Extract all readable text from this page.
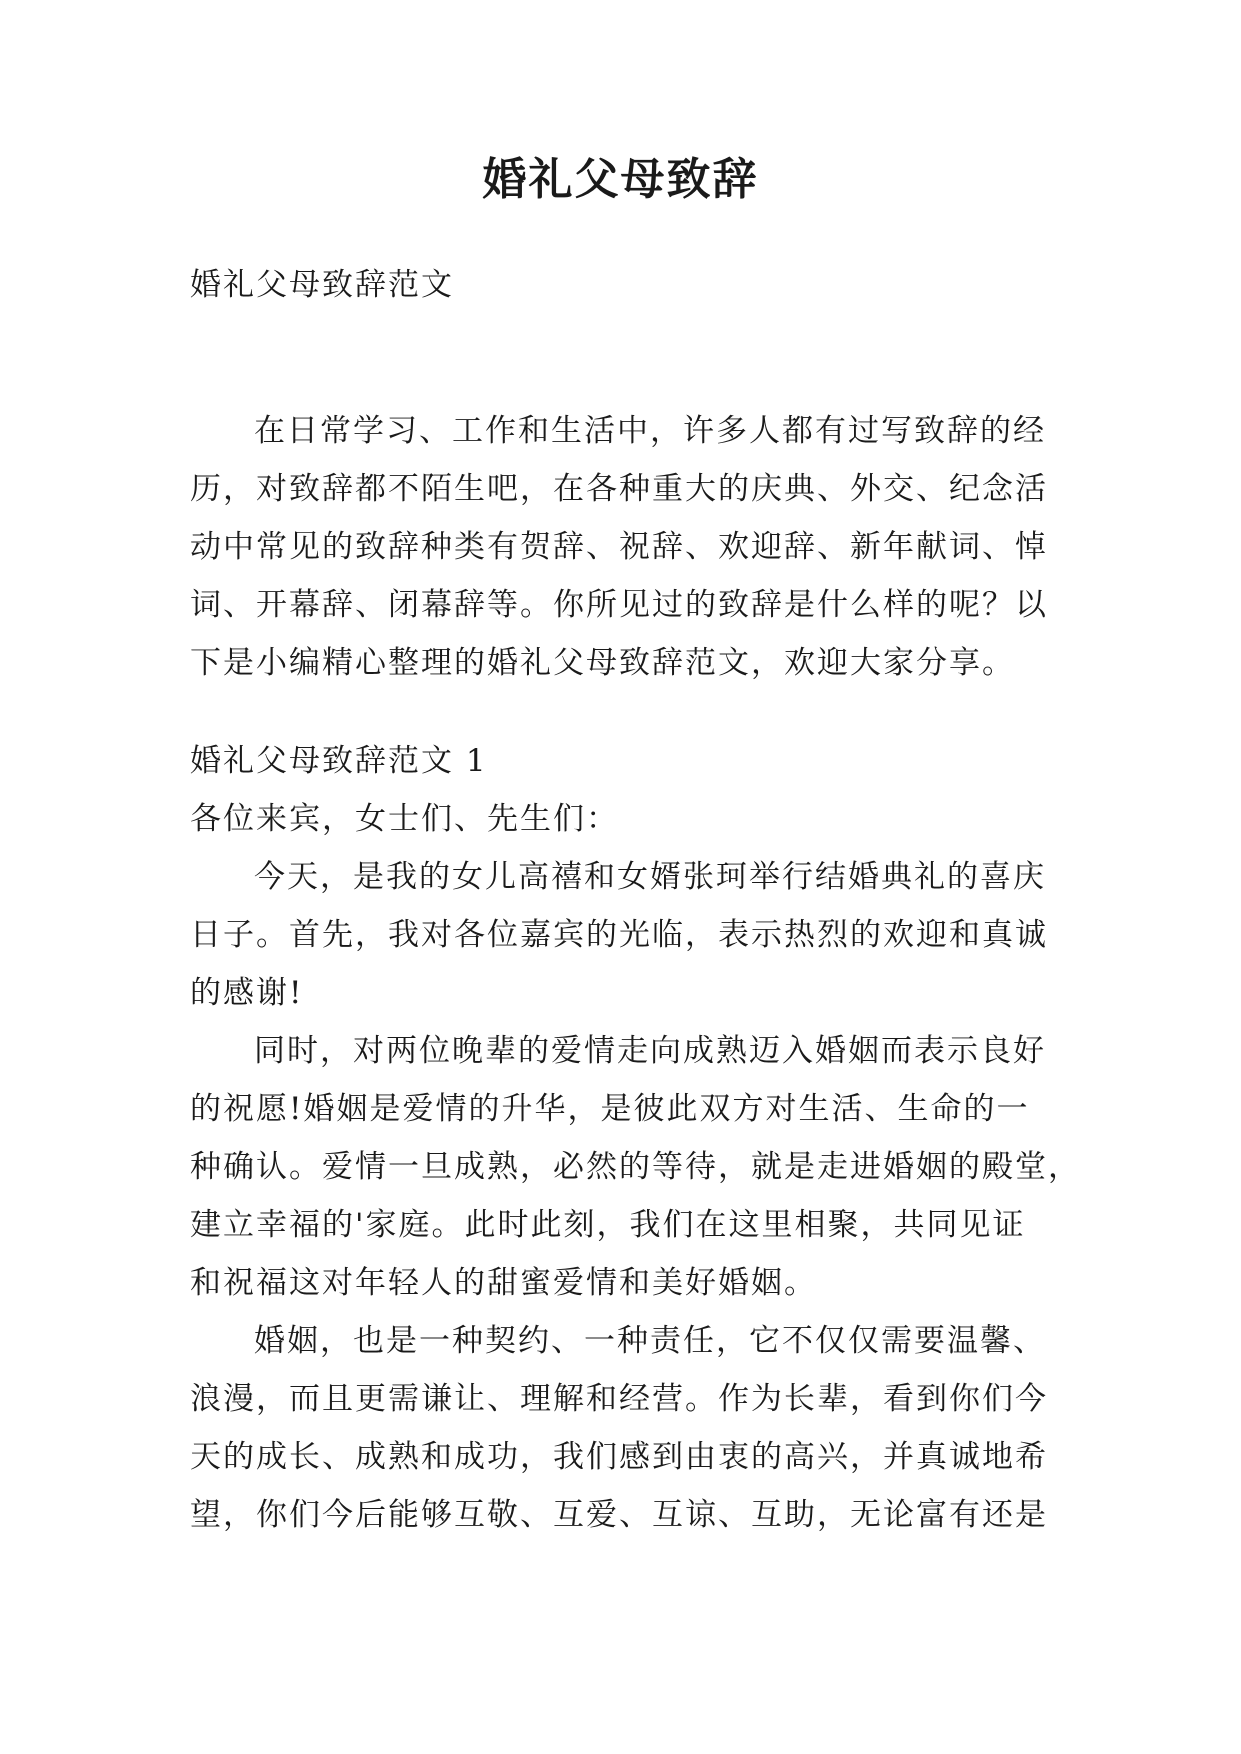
婚礼父母致辞
婚礼父母致辞范文
在日常学习、工作和生活中，许多人都有过写致辞的经
历，对致辞都不陌生吧，在各种重大的庆典、外交、纪念活
动中常见的致辞种类有贺辞、祝辞、欢迎辞、新年献词、悼
词、开幕辞、闭幕辞等。你所见过的致辞是什么样的呢？以
下是小编精心整理的婚礼父母致辞范文，欢迎大家分享。
婚礼父母致辞范文 1
各位来宾，女士们、先生们：
今天，是我的女儿高禧和女婿张珂举行结婚典礼的喜庆
日子。首先，我对各位嘉宾的光临，表示热烈的欢迎和真诚
的感谢!
同时，对两位晚辈的爱情走向成熟迈入婚姻而表示良好
的祝愿!婚姻是爱情的升华，是彼此双方对生活、生命的一
种确认。爱情一旦成熟，必然的等待，就是走进婚姻的殿堂，
建立幸福的'家庭。此时此刻，我们在这里相聚，共同见证
和祝福这对年轻人的甜蜜爱情和美好婚姻。
婚姻，也是一种契约、一种责任，它不仅仅需要温馨、
浪漫，而且更需谦让、理解和经营。作为长辈，看到你们今
天的成长、成熟和成功，我们感到由衷的高兴，并真诚地希
望，你们今后能够互敬、互爱、互谅、互助，无论富有还是
